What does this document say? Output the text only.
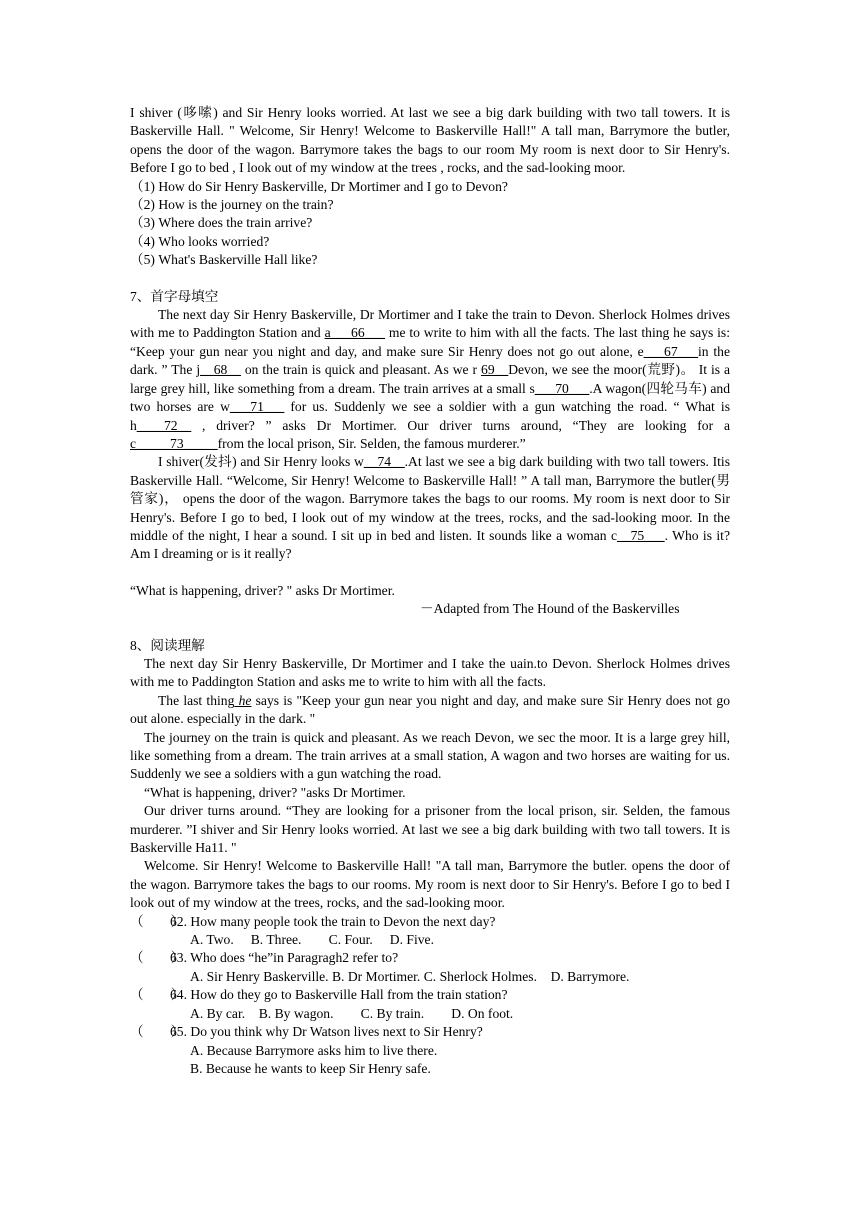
I shiver (哆嗦) and Sir Henry looks worried. At last we see a big dark building with two tall towers. It is Baskerville Hall. " Welcome, Sir Henry! Welcome to Baskerville Hall!" A tall man, Barrymore the butler, opens the door of the wagon. Barrymore takes the bags to our room My room is next door to Sir Henry's. Before I go to bed , I look out of my window at the trees , rocks, and the sad-looking moor.

（1) How do Sir Henry Baskerville, Dr Mortimer and I go to Devon?

（2) How is the journey on the train?

（3) Where does the train arrive?

（4) Who looks worried?

（5) What's Baskerville Hall like?

7、首字母填空

The next day Sir Henry Baskerville, Dr Mortimer and I take the train to Devon. Sherlock Holmes drives with me to Paddington Station and a___66___ me to write to him with all the facts. The last thing he says is: “Keep your gun near you night and day, and make sure Sir Henry does not go out alone, e___67___in the dark. ” The j__68__ on the train is quick and pleasant. As we r 69__Devon, we see the moor(荒野)。 It is a large grey hill, like something from a dream. The train arrives at a small s___70___.A wagon(四轮马车) and two horses are w___71___ for us. Suddenly we see a soldier with a gun watching the road. “ What is h____72__ , driver? ” asks Dr Mortimer. Our driver turns around, “They are looking for a c_____73_____from the local prison, Sir. Selden, the famous murderer.”

I shiver(发抖) and Sir Henry looks w__74__.At last we see a big dark building with two tall towers. Itis Baskerville Hall. “Welcome, Sir Henry! Welcome to Baskerville Hall! ” A tall man, Barrymore the butler(男管家)， opens the door of the wagon. Barrymore takes the bags to our rooms. My room is next door to Sir Henry's. Before I go to bed, I look out of my window at the trees, rocks, and the sad-looking moor. In the middle of the night, I hear a sound. I sit up in bed and listen. It sounds like a woman c__75___. Who is it? Am I dreaming or is it really?

“What is happening, driver? " asks Dr Mortimer.

－Adapted from The Hound of the Baskervilles

8、阅读理解

The next day Sir Henry Baskerville, Dr Mortimer and I take the uain.to Devon. Sherlock Holmes drives with me to Paddington Station and asks me to write to him with all the facts.

The last thing he says is "Keep your gun near you night and day, and make sure Sir Henry does not go out alone. especially in the dark. "

The journey on the train is quick and pleasant. As we reach Devon, we sec the moor. It is a large grey hill, like something from a dream. The train arrives at a small station, A wagon and two horses are waiting for us. Suddenly we see a soldiers with a gun watching the road.

“What is happening, driver? "asks Dr Mortimer.

Our driver turns around. “They are looking for a prisoner from the local prison, sir. Selden, the famous murderer. ”I shiver and Sir Henry looks worried. At last we see a big dark building with two tall towers. It is Baskerville Ha11. "

Welcome. Sir Henry! Welcome to Baskerville Hall! "A tall man, Barrymore the butler. opens the door of the wagon. Barrymore takes the bags to our rooms. My room is next door to Sir Henry's. Before I go to bed I look out of my window at the trees, rocks, and the sad-looking moor.

（　　）62. How many people took the train to Devon the next day?

A. Two.　 B. Three.　　C. Four.　 D. Five.

（　　）63. Who does “he”in Paragragh2 refer to?

A. Sir Henry Baskerville. B. Dr Mortimer. C. Sherlock Holmes.　D. Barrymore.

（　　）64. How do they go to Baskerville Hall from the train station?

A. By car.　B. By wagon.　　C. By train.　　D. On foot.

（　　）65. Do you think why Dr Watson lives next to Sir Henry?

A. Because Barrymore asks him to live there.

B. Because he wants to keep Sir Henry safe.
